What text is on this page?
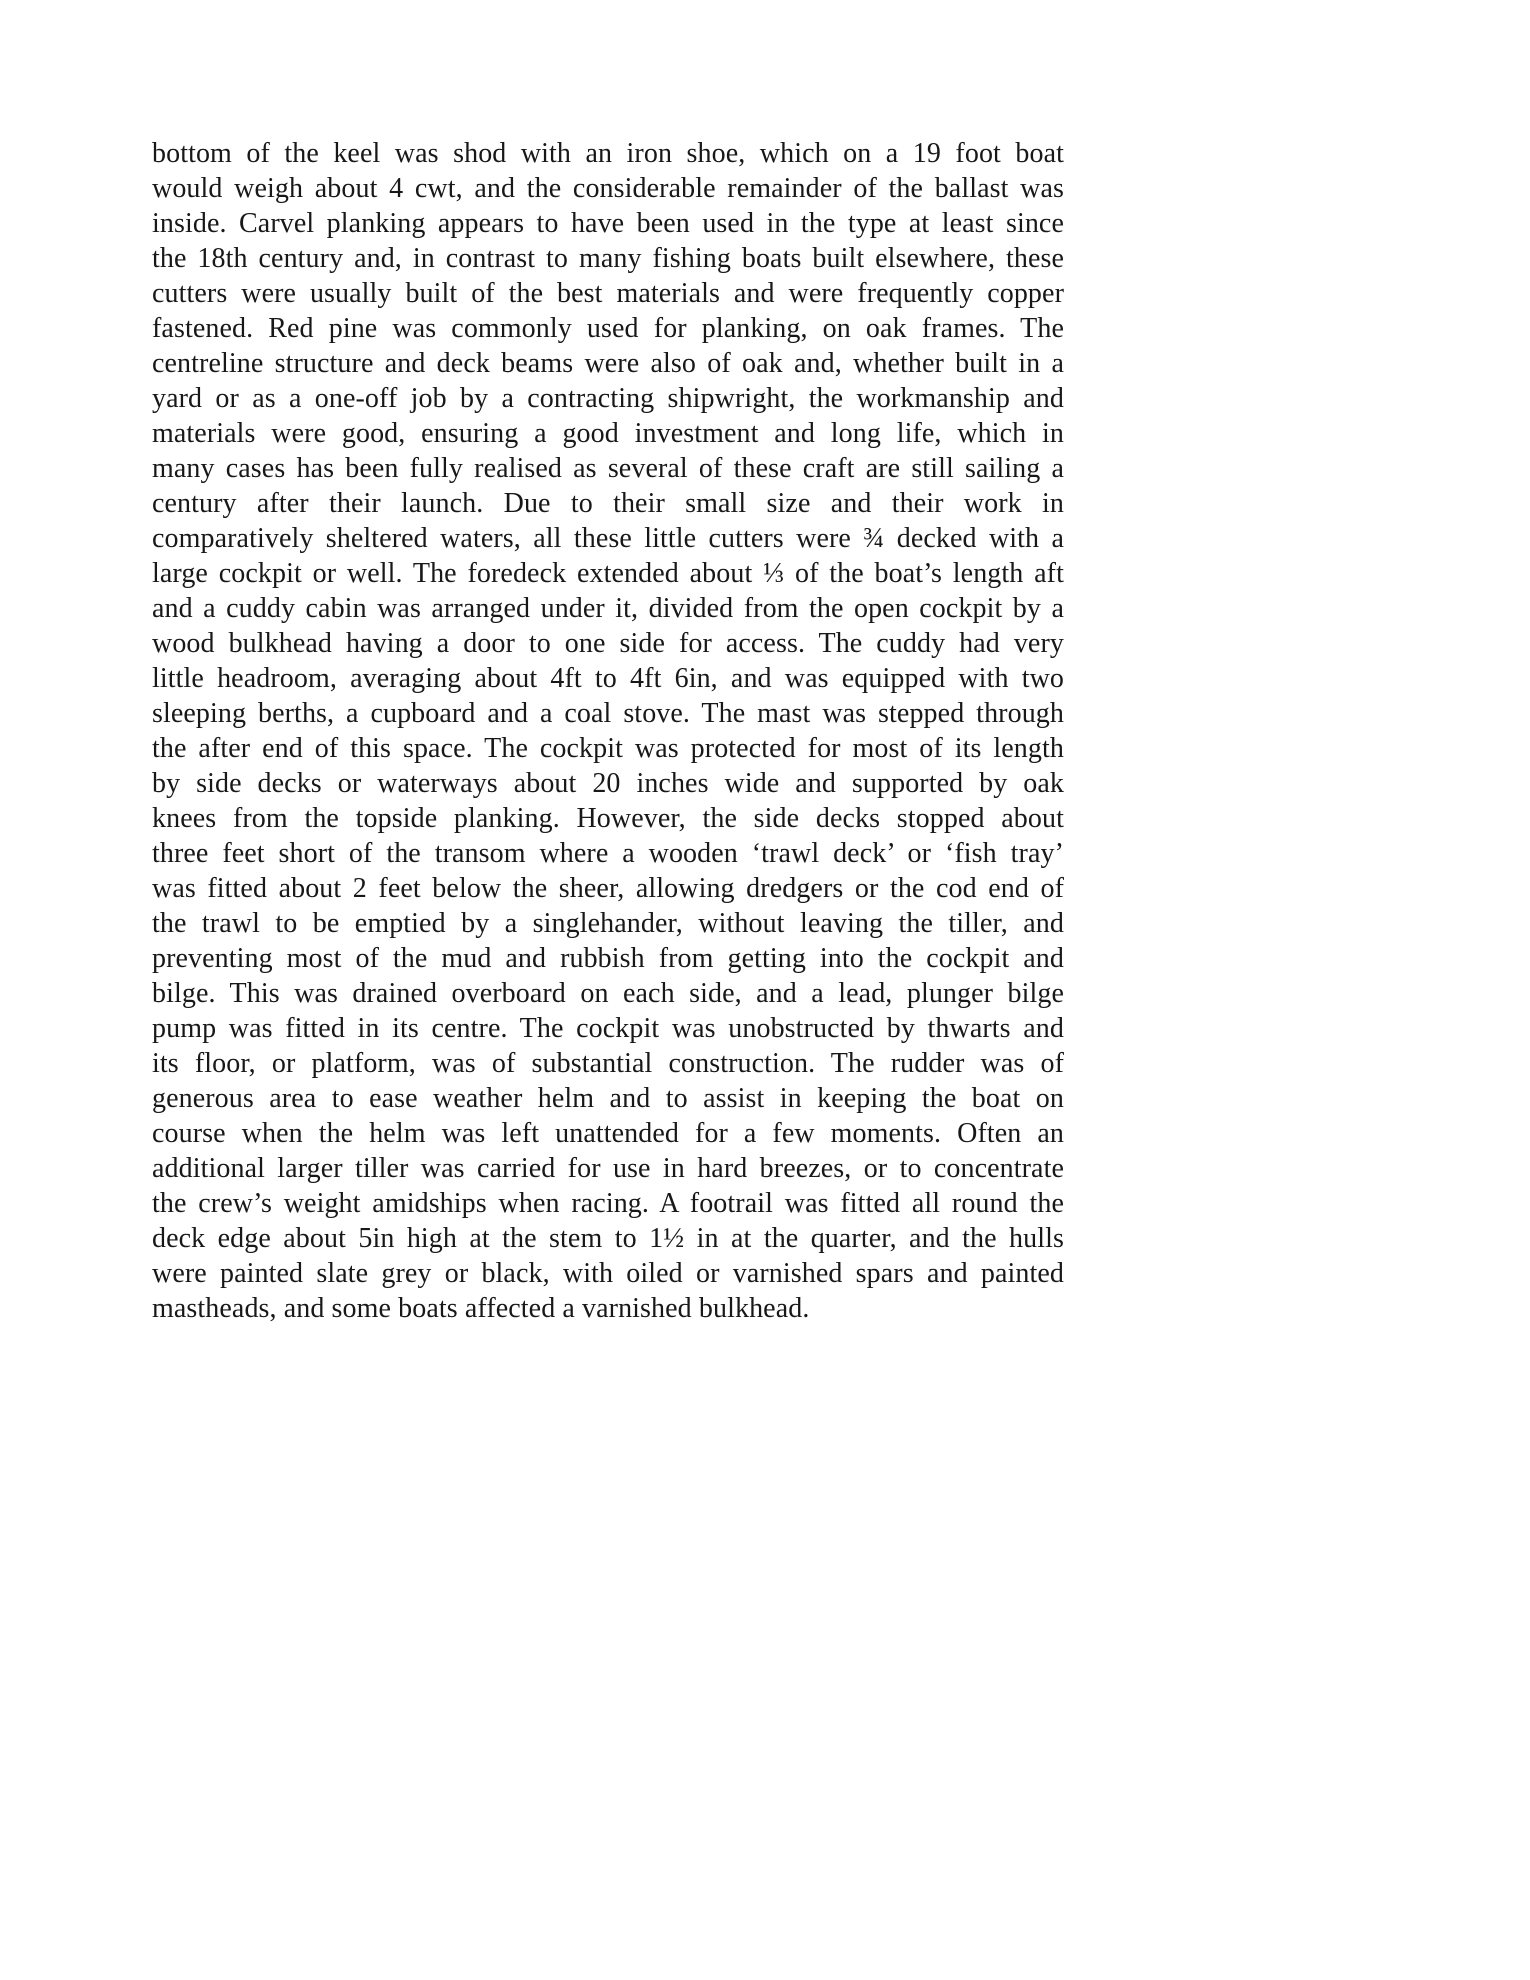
bottom of the keel was shod with an iron shoe, which on a 19 foot boat
would weigh about 4 cwt, and the considerable remainder of the ballast was
inside. Carvel planking appears to have been used in the type at least since
the 18th century and, in contrast to many fishing boats built elsewhere, these
cutters were usually built of the best materials and were frequently copper
fastened. Red pine was commonly used for planking, on oak frames. The
centreline structure and deck beams were also of oak and, whether built in a
yard or as a one-off job by a contracting shipwright, the workmanship and
materials were good, ensuring a good investment and long life, which in
many cases has been fully realised as several of these craft are still sailing a
century after their launch. Due to their small size and their work in
comparatively sheltered waters, all these little cutters were ¾ decked with a
large cockpit or well. The foredeck extended about ⅓ of the boat’s length aft
and a cuddy cabin was arranged under it, divided from the open cockpit by a
wood bulkhead having a door to one side for access. The cuddy had very
little headroom, averaging about 4ft to 4ft 6in, and was equipped with two
sleeping berths, a cupboard and a coal stove. The mast was stepped through
the after end of this space. The cockpit was protected for most of its length
by side decks or waterways about 20 inches wide and supported by oak
knees from the topside planking. However, the side decks stopped about
three feet short of the transom where a wooden ‘trawl deck’ or ‘fish tray’
was fitted about 2 feet below the sheer, allowing dredgers or the cod end of
the trawl to be emptied by a singlehander, without leaving the tiller, and
preventing most of the mud and rubbish from getting into the cockpit and
bilge. This was drained overboard on each side, and a lead, plunger bilge
pump was fitted in its centre. The cockpit was unobstructed by thwarts and
its floor, or platform, was of substantial construction. The rudder was of
generous area to ease weather helm and to assist in keeping the boat on
course when the helm was left unattended for a few moments. Often an
additional larger tiller was carried for use in hard breezes, or to concentrate
the crew’s weight amidships when racing. A footrail was fitted all round the
deck edge about 5in high at the stem to 1½ in at the quarter, and the hulls
were painted slate grey or black, with oiled or varnished spars and painted
mastheads, and some boats affected a varnished bulkhead.
